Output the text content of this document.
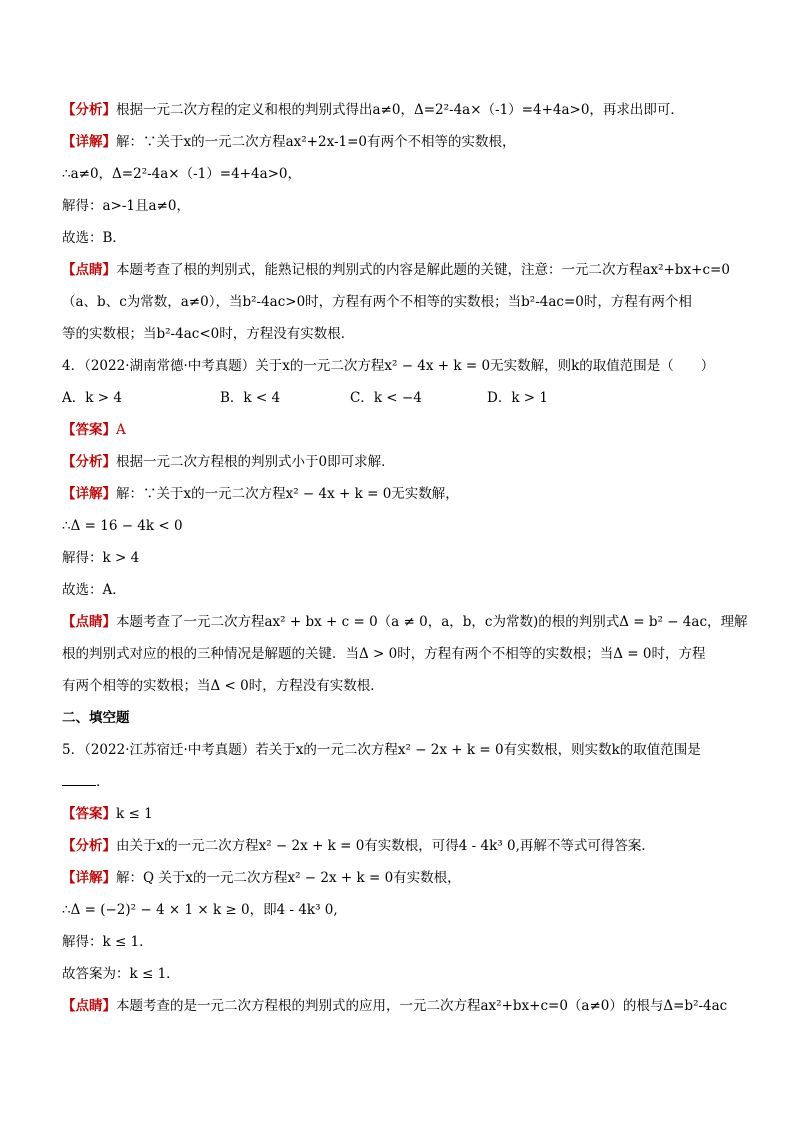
【分析】根据一元二次方程的定义和根的判别式得出a≠0，Δ=2²-4a×（-1）=4+4a>0，再求出即可．
【详解】解：∵关于x的一元二次方程ax²+2x-1=0有两个不相等的实数根，
∴a≠0，Δ=2²-4a×（-1）=4+4a>0，
解得：a>-1且a≠0，
故选：B．
【点睛】本题考查了根的判别式，能熟记根的判别式的内容是解此题的关键，注意：一元二次方程ax²+bx+c=0
（a、b、c为常数，a≠0），当b²-4ac>0时，方程有两个不相等的实数根；当b²-4ac=0时，方程有两个相
等的实数根；当b²-4ac<0时，方程没有实数根．
4．（2022·湖南常德·中考真题）关于x的一元二次方程x² − 4x + k = 0无实数解，则k的取值范围是（　　）
A．k > 4	B．k < 4	C．k < −4	D．k > 1
【答案】A
【分析】根据一元二次方程根的判别式小于0即可求解．
【详解】解：∵关于x的一元二次方程x² − 4x + k = 0无实数解，
∴Δ = 16 − 4k < 0
解得：k > 4
故选：A．
【点睛】本题考查了一元二次方程ax² + bx + c = 0（a ≠ 0，a，b，c为常数)的根的判别式Δ = b² − 4ac，理解
根的判别式对应的根的三种情况是解题的关键．当Δ > 0时，方程有两个不相等的实数根；当Δ = 0时，方程
有两个相等的实数根；当Δ < 0时，方程没有实数根．
二、填空题
5．（2022·江苏宿迁·中考真题）若关于x的一元二次方程x² − 2x + k = 0有实数根，则实数k的取值范围是
．
【答案】k ≤ 1
【分析】由关于x的一元二次方程x² − 2x + k = 0有实数根，可得4 - 4k³ 0,再解不等式可得答案．
【详解】解：Q 关于x的一元二次方程x² − 2x + k = 0有实数根，
∴Δ = (−2)² − 4 × 1 × k ≥ 0，即4 - 4k³ 0,
解得：k ≤ 1．
故答案为：k ≤ 1．
【点睛】本题考查的是一元二次方程根的判别式的应用，一元二次方程ax²+bx+c=0（a≠0）的根与Δ=b²-4ac
